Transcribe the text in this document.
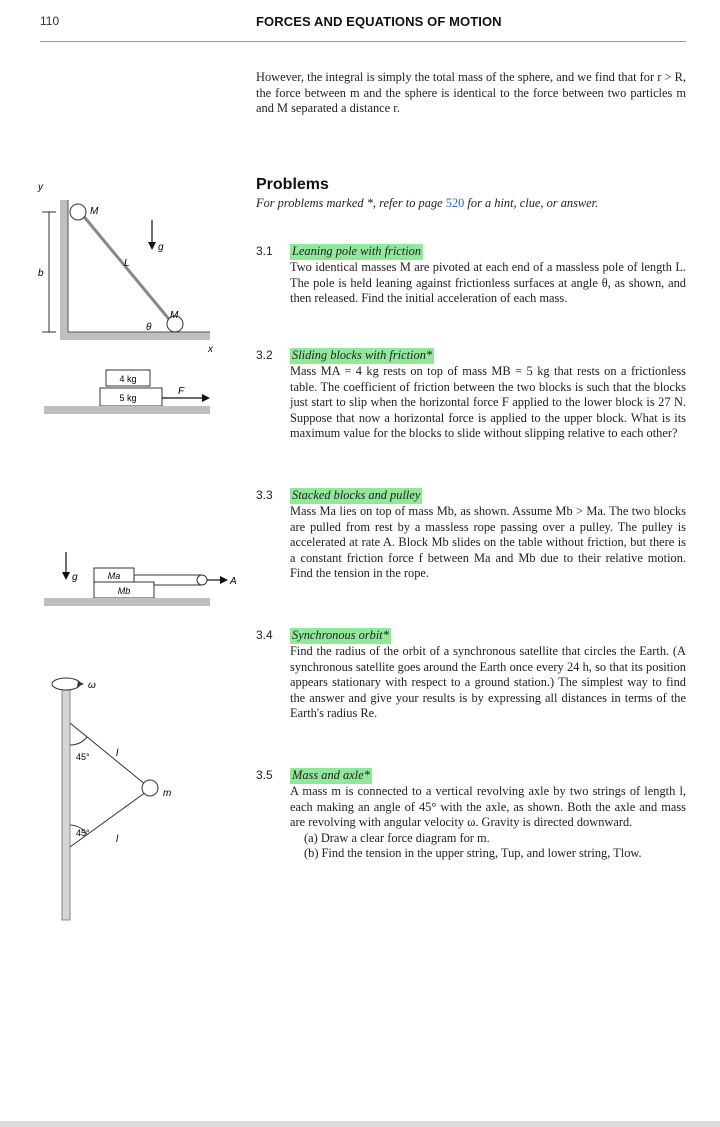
110	FORCES AND EQUATIONS OF MOTION
However, the integral is simply the total mass of the sphere, and we find that for r > R, the force between m and the sphere is identical to the force between two particles m and M separated a distance r.
Problems
For problems marked *, refer to page 520 for a hint, clue, or answer.
3.1	Leaning pole with friction
Two identical masses M are pivoted at each end of a massless pole of length L. The pole is held leaning against frictionless surfaces at angle θ, as shown, and then released. Find the initial acceleration of each mass.
3.2	Sliding blocks with friction*
Mass MA = 4 kg rests on top of mass MB = 5 kg that rests on a frictionless table. The coefficient of friction between the two blocks is such that the blocks just start to slip when the horizontal force F applied to the lower block is 27 N. Suppose that now a horizontal force is applied to the upper block. What is its maximum value for the blocks to slide without slipping relative to each other?
3.3	Stacked blocks and pulley
Mass Ma lies on top of mass Mb, as shown. Assume Mb > Ma. The two blocks are pulled from rest by a massless rope passing over a pulley. The pulley is accelerated at rate A. Block Mb slides on the table without friction, but there is a constant friction force f between Ma and Mb due to their relative motion. Find the tension in the rope.
3.4	Synchronous orbit*
Find the radius of the orbit of a synchronous satellite that circles the Earth. (A synchronous satellite goes around the Earth once every 24 h, so that its position appears stationary with respect to a ground station.) The simplest way to find the answer and give your results is by expressing all distances in terms of the Earth's radius Re.
3.5	Mass and axle*

A mass m is connected to a vertical revolving axle by two strings of length l, each making an angle of 45° with the axle, as shown. Both the axle and mass are revolving with angular velocity ω. Gravity is directed downward.

(a) Draw a clear force diagram for m.

(b) Find the tension in the upper string, Tup, and lower string, Tlow.

b
y
x
M
M
L
θ
g
4 kg
5 kg
F
g	Ma
Mb
A
ω
m
45°
45°
l
l
